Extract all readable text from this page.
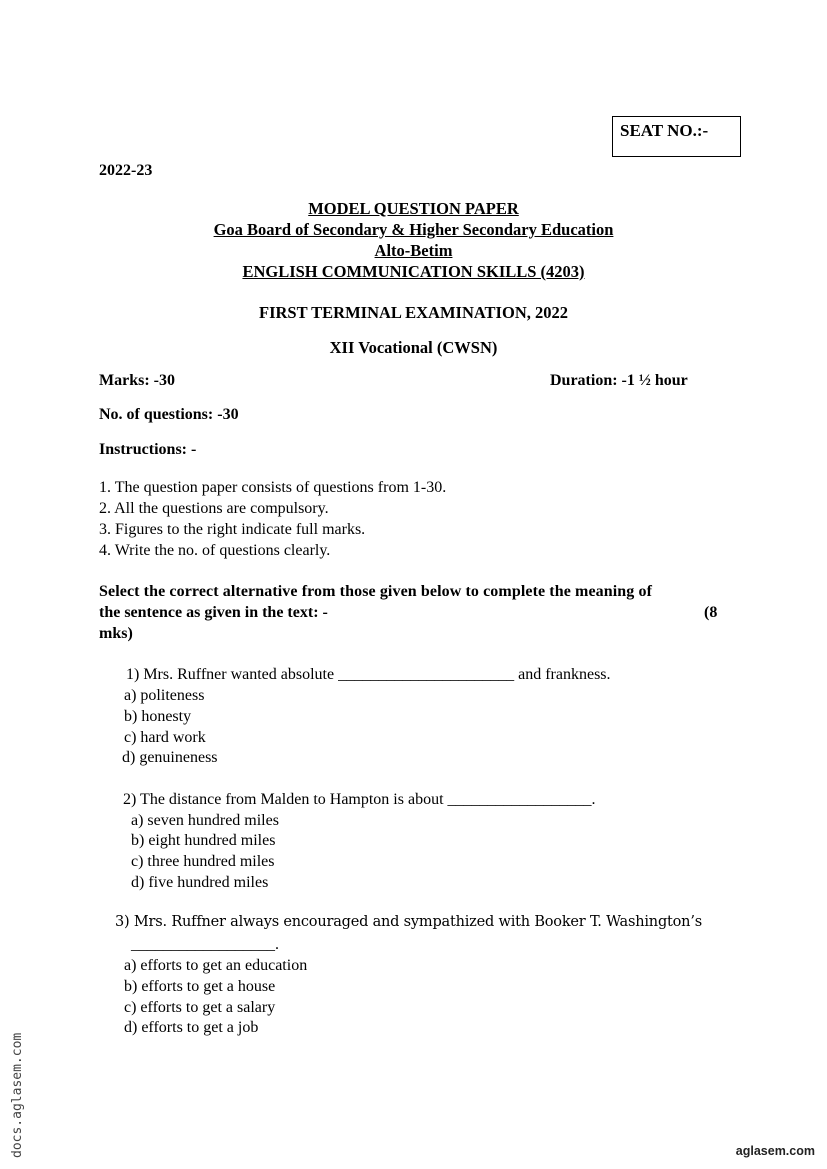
SEAT NO.:-
2022-23
MODEL QUESTION PAPER
Goa Board of Secondary & Higher Secondary Education
Alto-Betim
ENGLISH COMMUNICATION SKILLS (4203)
FIRST TERMINAL EXAMINATION, 2022
XII Vocational (CWSN)
Marks: -30	Duration: -1 ½ hour
No. of questions: -30
Instructions: -
1. The question paper consists of questions from 1-30.
2. All the questions are compulsory.
3. Figures to the right indicate full marks.
4. Write the no. of questions clearly.
Select the correct alternative from those given below to complete the meaning of
the sentence as given in the text: -	(8
mks)
1) Mrs. Ruffner wanted absolute ______________________ and frankness.
a) politeness
b) honesty
c) hard work
d) genuineness
2) The distance from Malden to Hampton is about __________________.
a) seven hundred miles
b) eight hundred miles
c) three hundred miles
d) five hundred miles
3) Mrs. Ruffner always encouraged and sympathized with Booker T. Washington’s
__________________.
a) efforts to get an education
b) efforts to get a house
c) efforts to get a salary
d) efforts to get a job
docs.aglasem.com	aglasem.com
